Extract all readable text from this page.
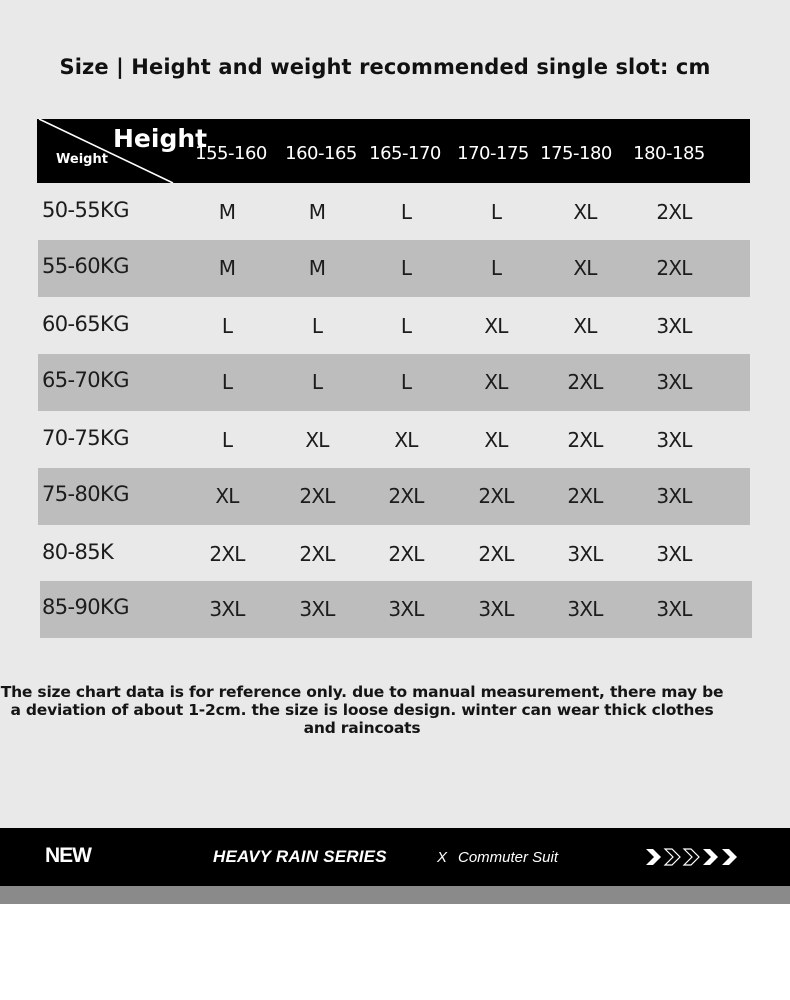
Size | Height and weight recommended single slot: cm
Height
Weight	155-160 160-165 165-170 170-175 175-180 180-185
50-55KG	M	M	L	L	XL	2XL
55-60KG	M	M	L	L	XL	2XL
60-65KG	L	L	L	XL	XL	3XL
65-70KG	L	L	L	XL	2XL	3XL
70-75KG	L	XL	XL	XL	2XL	3XL
75-80KG	XL	2XL	2XL	2XL	2XL	3XL
80-85K	2XL	2XL	2XL	2XL	3XL	3XL
85-90KG	3XL	3XL	3XL	3XL	3XL	3XL
The size chart data is for reference only. due to manual measurement, there may be
a deviation of about 1-2cm. the size is loose design. winter can wear thick clothes
and raincoats
NEW	HEAVY RAIN SERIES	X Commuter Suit
